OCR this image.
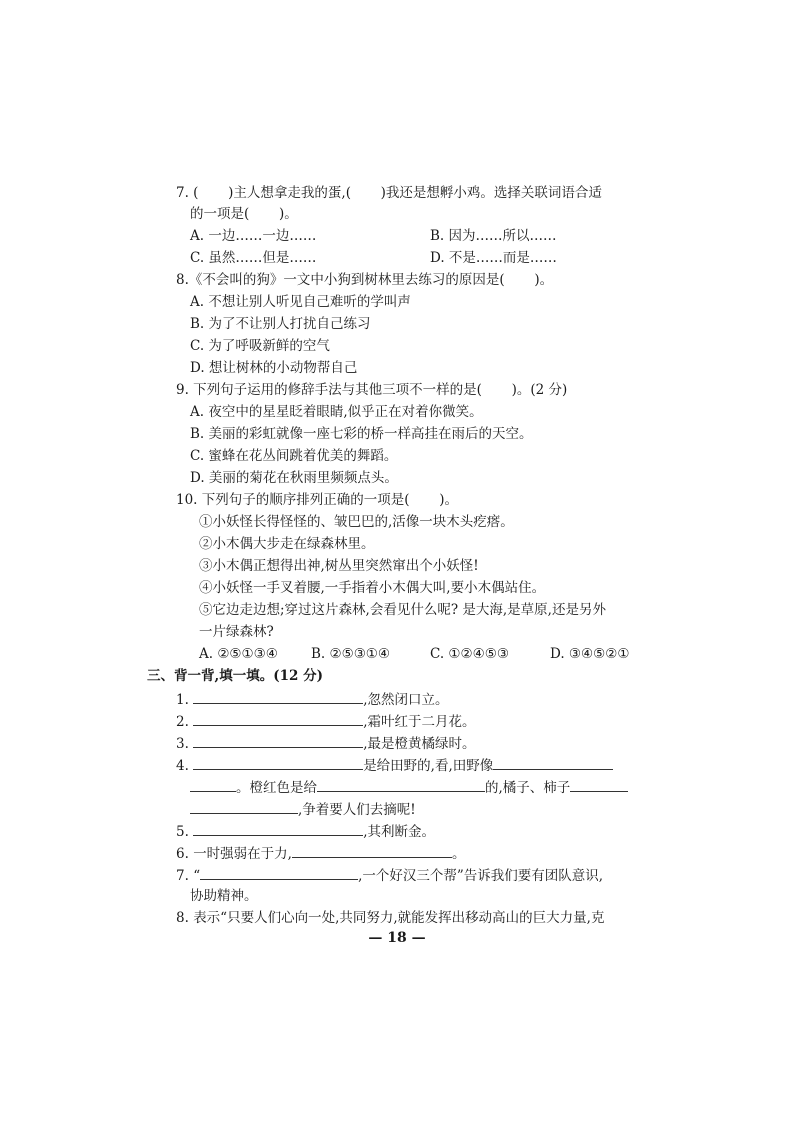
7. ( )主人想拿走我的蛋,( )我还是想孵小鸡。选择关联词语合适
的一项是( )。
A. 一边……一边……	B. 因为……所以……
C. 虽然……但是……	D. 不是……而是……
8.《不会叫的狗》一文中小狗到树林里去练习的原因是( )。
A. 不想让别人听见自己难听的学叫声
B. 为了不让别人打扰自己练习
C. 为了呼吸新鲜的空气
D. 想让树林的小动物帮自己
9. 下列句子运用的修辞手法与其他三项不一样的是( )。(2 分)
A. 夜空中的星星眨着眼睛,似乎正在对着你微笑。
B. 美丽的彩虹就像一座七彩的桥一样高挂在雨后的天空。
C. 蜜蜂在花丛间跳着优美的舞蹈。
D. 美丽的菊花在秋雨里频频点头。
10. 下列句子的顺序排列正确的一项是( )。
①小妖怪长得怪怪的、皱巴巴的,活像一块木头疙瘩。
②小木偶大步走在绿森林里。
③小木偶正想得出神,树丛里突然窜出个小妖怪!
④小妖怪一手叉着腰,一手指着小木偶大叫,要小木偶站住。
⑤它边走边想;穿过这片森林,会看见什么呢? 是大海,是草原,还是另外
一片绿森林?
A. ②⑤①③④ B. ②⑤③①④	C. ①②④⑤③	D. ③④⑤②①
三、背一背,填一填。(12 分)
1.	,忽然闭口立。
2.	,霜叶红于二月花。
3.	,最是橙黄橘绿时。
4.	是给田野的,看,田野像
。橙红色是给	的,橘子、柿子
,争着要人们去摘呢!
5.	,其利断金。
6. 一时强弱在于力,	。
7. “	,一个好汉三个帮”告诉我们要有团队意识,
协助精神。
8. 表示“只要人们心向一处,共同努力,就能发挥出移动高山的巨大力量,克
— 18 —
